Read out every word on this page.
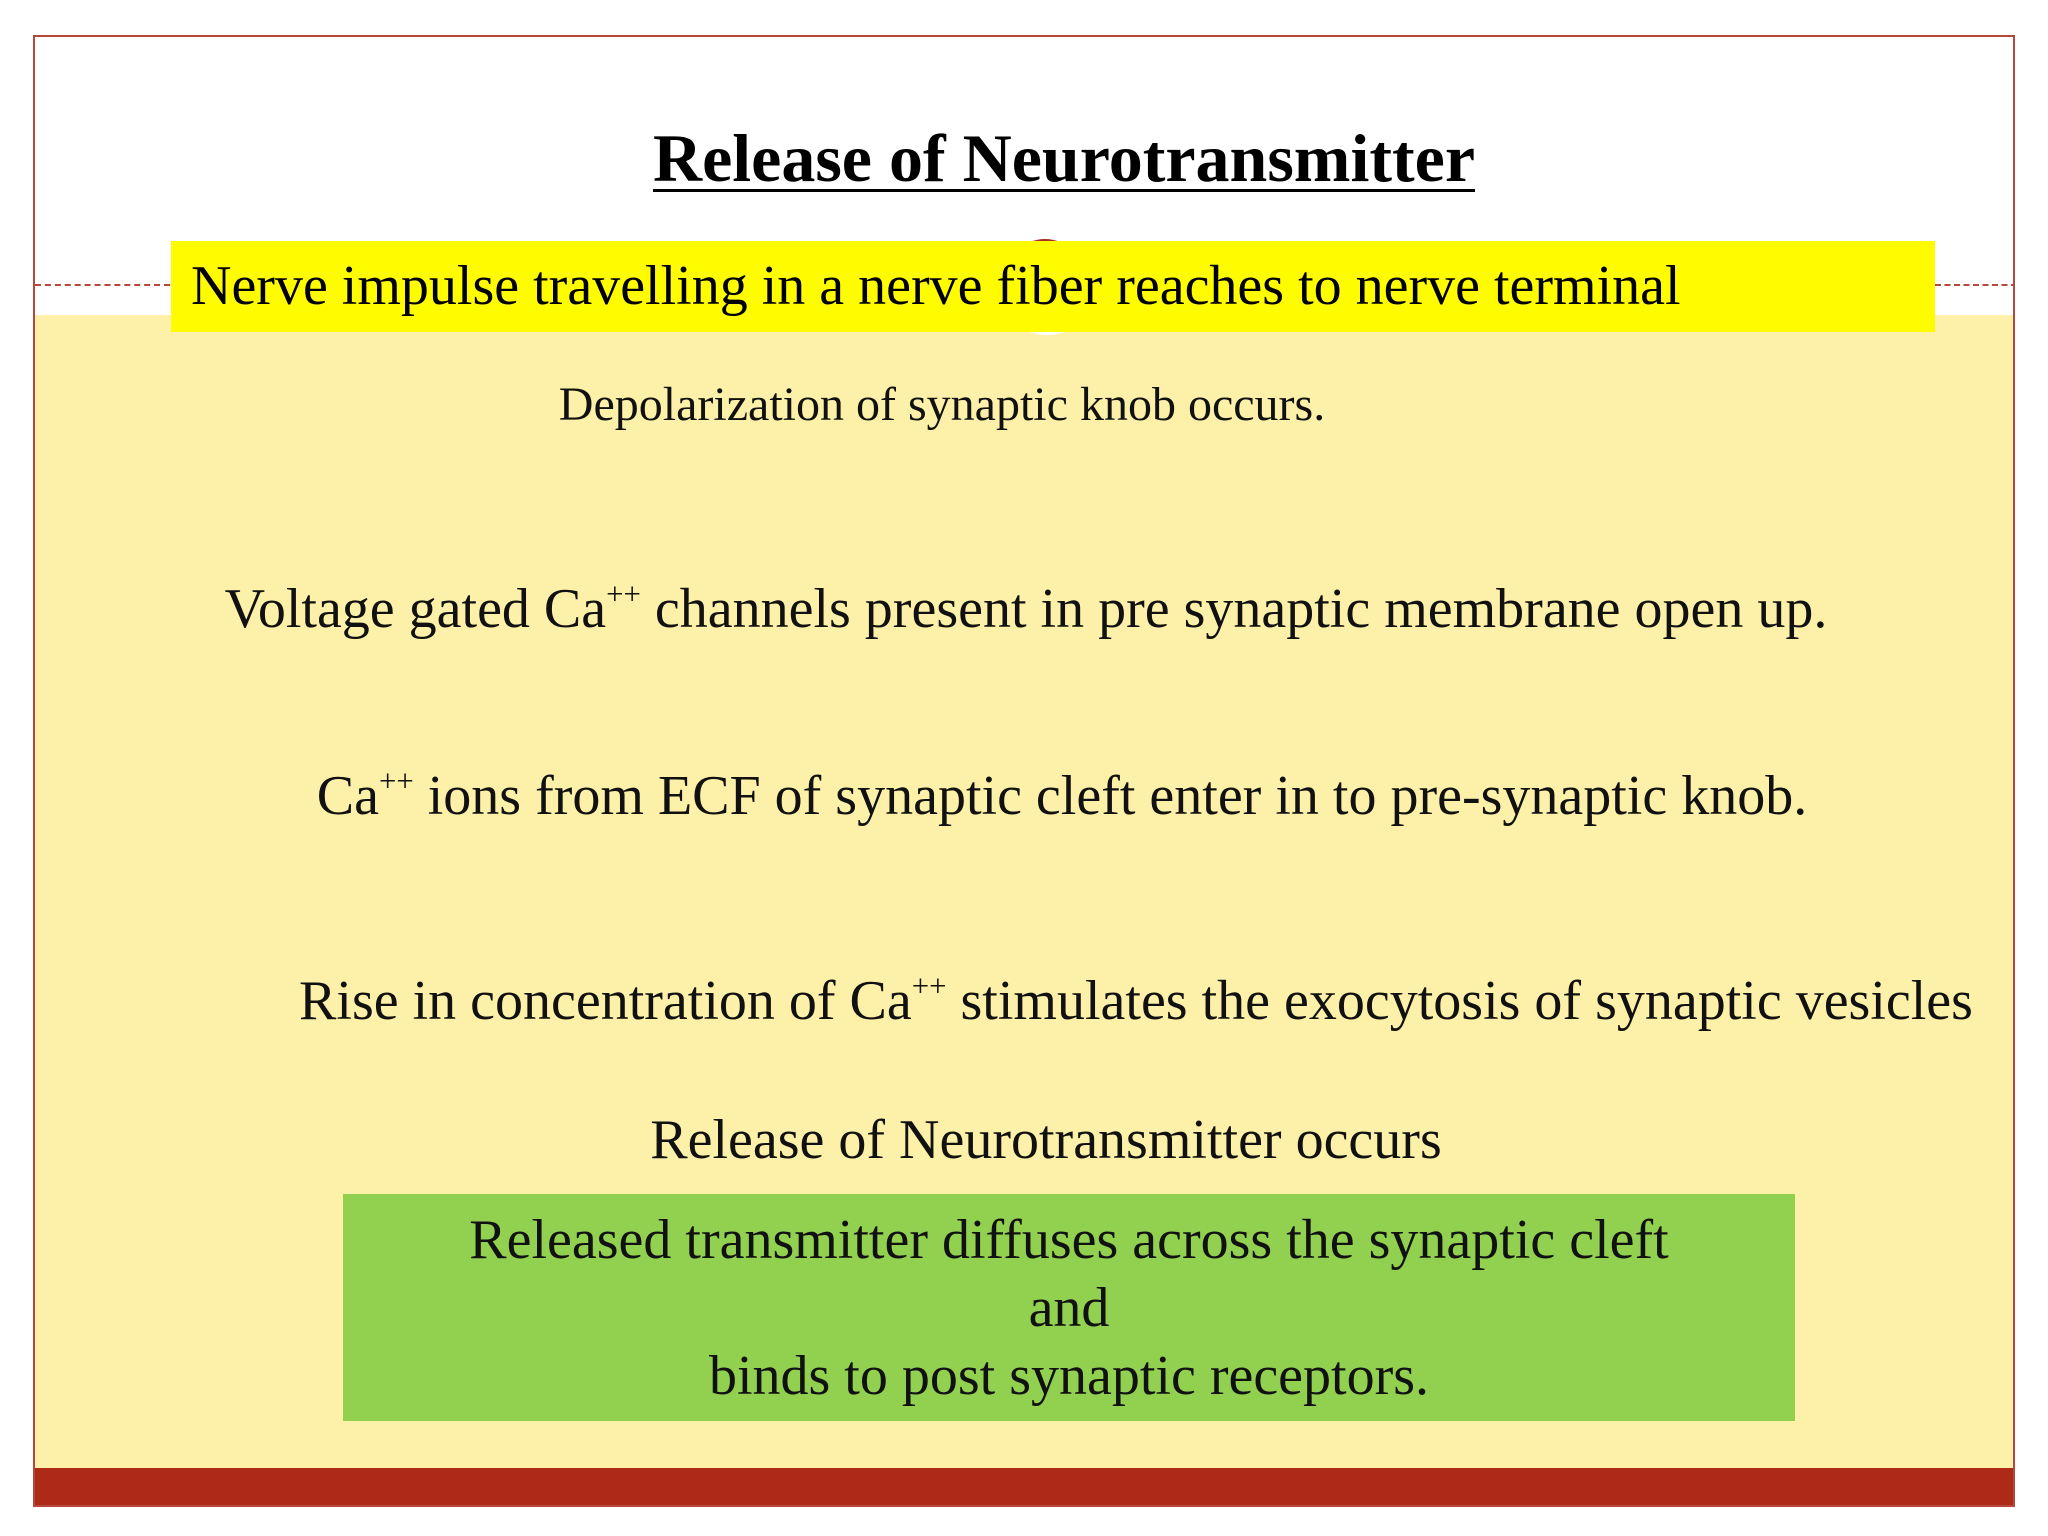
Release of Neurotransmitter
Nerve impulse travelling in a nerve fiber reaches to nerve terminal
Depolarization of synaptic knob occurs.
Voltage gated Ca++ channels present in pre synaptic membrane open up.
Ca++ ions from ECF of synaptic cleft enter in to pre-synaptic knob.
Rise in concentration of Ca++ stimulates the exocytosis of synaptic vesicles
Release of Neurotransmitter occurs
Released transmitter diffuses across the synaptic cleft
and
binds to post synaptic receptors.
